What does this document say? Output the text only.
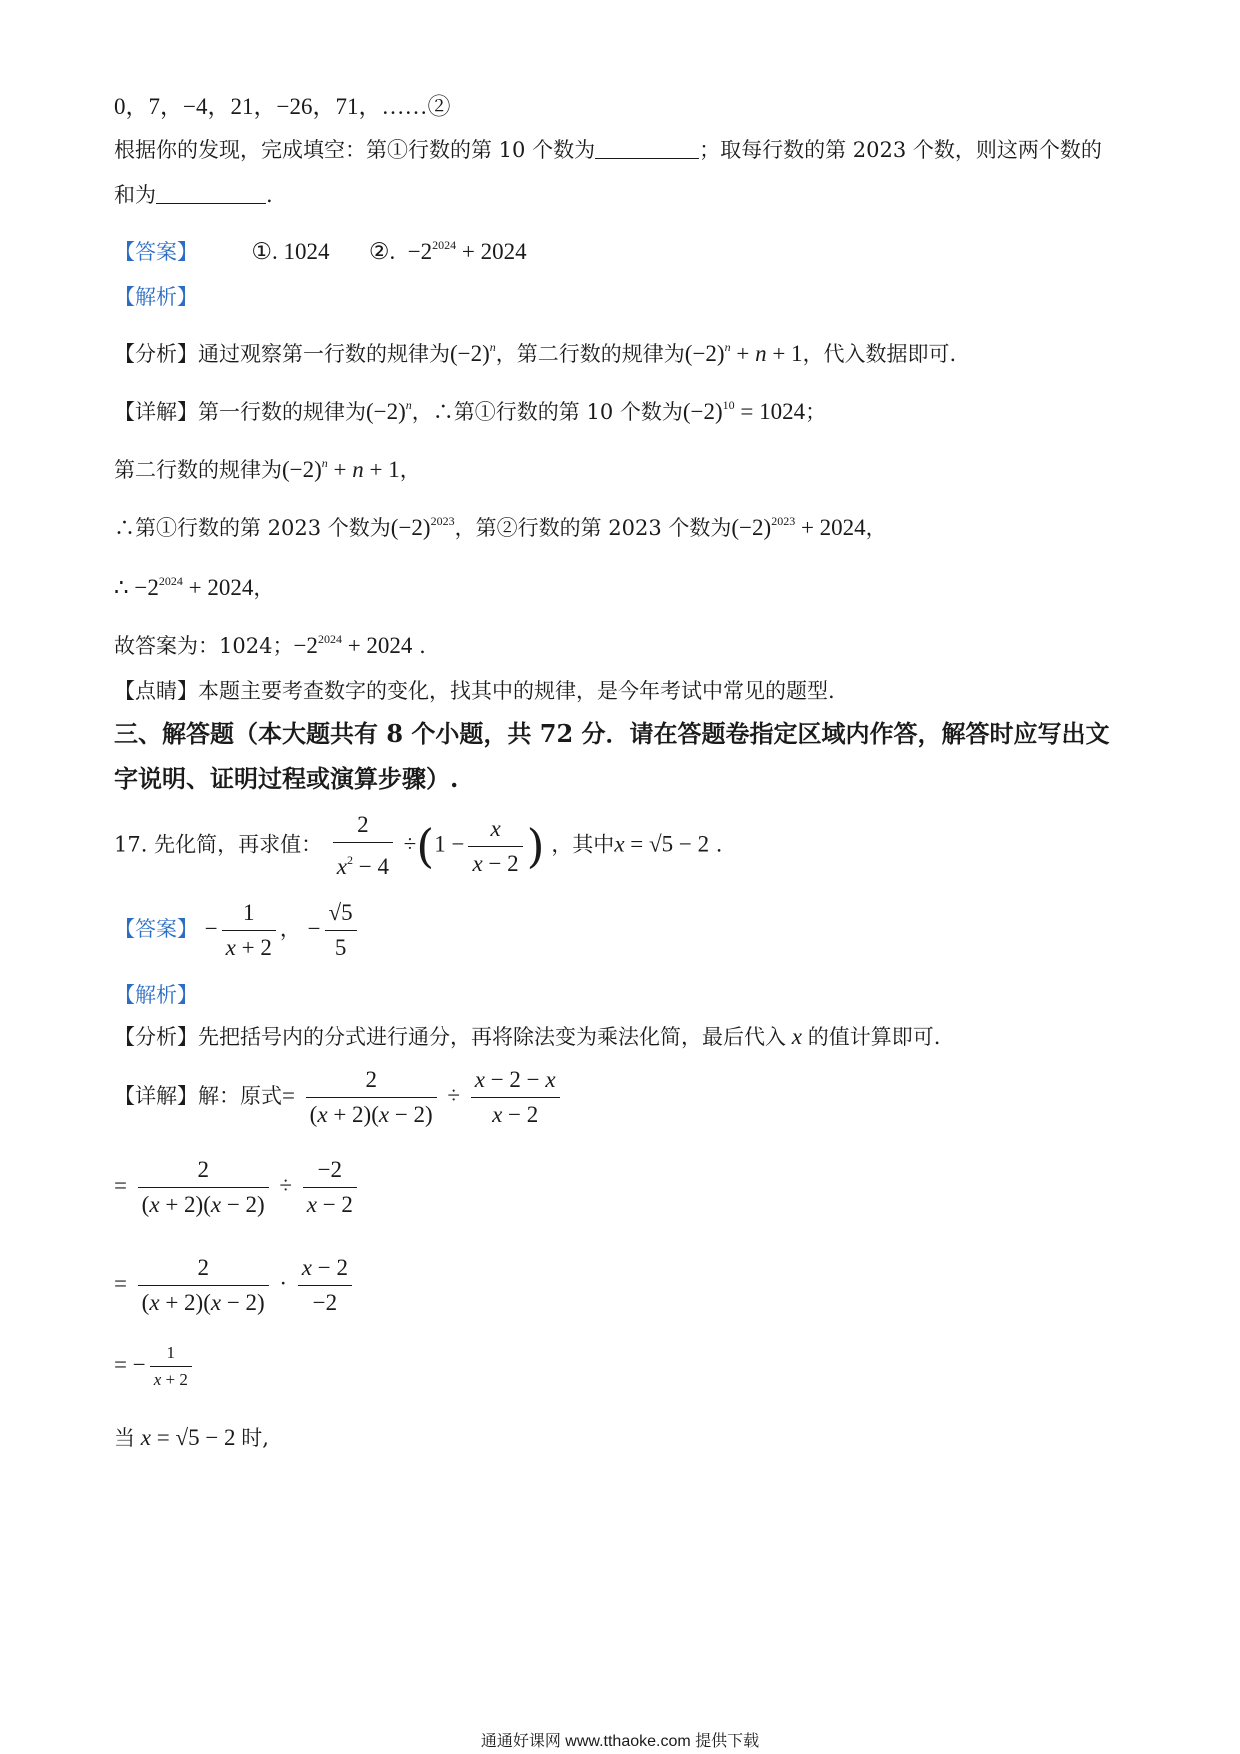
0，7，−4，21，−26，71，……②
根据你的发现，完成填空：第①行数的第 10 个数为	；取每行数的第 2023 个数，则这两个数的
和为	.
【答案】 ①. 1024 ②.  $-2^{2024} + 2024$
【解析】
【分析】通过观察第一行数的规律为$(-2)^n$，第二行数的规律为$(-2)^n + n + 1$，代入数据即可.
【详解】第一行数的规律为$(-2)^n$，∴第①行数的第 10 个数为$(-2)^{10} = 1024$；
第二行数的规律为$(-2)^n + n + 1$，
∴第①行数的第 2023 个数为$(-2)^{2023}$，第②行数的第 2023 个数为$(-2)^{2023} + 2024$，
∴ $-2^{2024} + 2024$，
故答案为：1024；$-2^{2024} + 2024$ .
【点睛】本题主要考查数字的变化，找其中的规律，是今年考试中常见的题型.
三、解答题（本大题共有 8 个小题，共 72 分．请在答题卷指定区域内作答，解答时应写出文
字说明、证明过程或演算步骤）.
17. 先化简，再求值： $\frac{2}{x^2 - 4} \div(1 - \frac{x}{x - 2}$ ) ，其中x = √5 − 2 .
【答案】 − $\frac{1}{x + 2}$ ， − $\frac{√5}{5}$
【解析】
【分析】先把括号内的分式进行通分，再将除法变为乘法化简，最后代入 x 的值计算即可.
【详解】解：原式= $\frac{2}{(x + 2)(x - 2)} \div \frac{x - 2 - x}{x - 2}$
= $\frac{2}{(x + 2)(x - 2)} \div \frac{-2}{x - 2}$
= $\frac{2}{(x + 2)(x - 2)} \cdot \frac{x - 2}{-2}$
= − $\frac{1}{x + 2}$
当 x = √5 − 2 时,
通通好课网 www.tthaoke.com 提供下载
